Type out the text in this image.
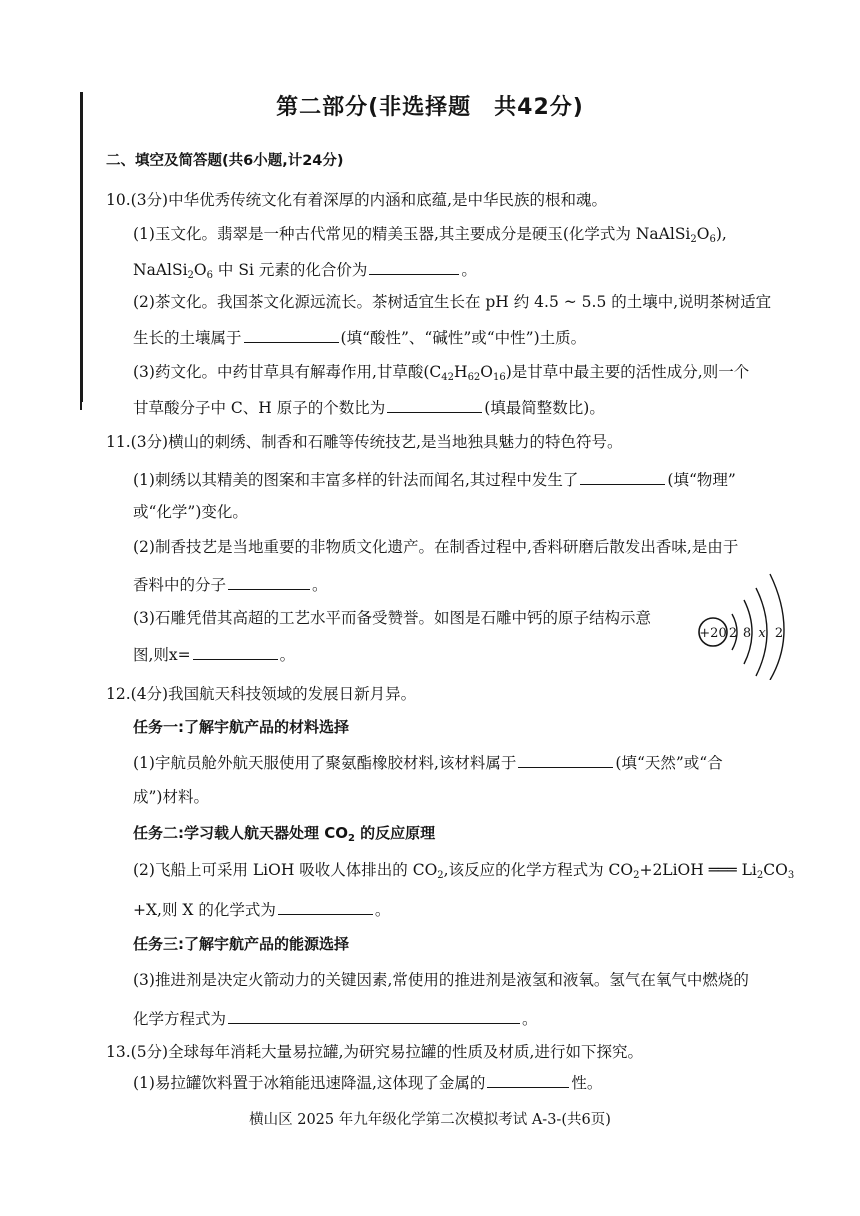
第二部分(非选择题　共42分)
二、填空及简答题(共6小题,计24分)
10.(3分)中华优秀传统文化有着深厚的内涵和底蕴,是中华民族的根和魂。
(1)玉文化。翡翠是一种古代常见的精美玉器,其主要成分是硬玉(化学式为 $NaAlSi_2O_6$),
$NaAlSi_2O_6$ 中 Si 元素的化合价为	。
(2)茶文化。我国茶文化源远流长。茶树适宜生长在 pH 约 4.5 ~ 5.5 的土壤中,说明茶树适宜
生长的土壤属于	(填“酸性”、“碱性”或“中性”)土质。
(3)药文化。中药甘草具有解毒作用,甘草酸$(C_{42}H_{62}O_{16})$是甘草中最主要的活性成分,则一个
甘草酸分子中 C、H 原子的个数比为	(填最简整数比)。
11.(3分)横山的刺绣、制香和石雕等传统技艺,是当地独具魅力的特色符号。
(1)刺绣以其精美的图案和丰富多样的针法而闻名,其过程中发生了	(填“物理”
或“化学”)变化。
(2)制香技艺是当地重要的非物质文化遗产。在制香过程中,香料研磨后散发出香味,是由于
香料中的分子	。
(3)石雕凭借其高超的工艺水平而备受赞誉。如图是石雕中钙的原子结构示意
图,则x=	。
+20 2 8 x 2
12.(4分)我国航天科技领域的发展日新月异。
任务一:了解宇航产品的材料选择
(1)宇航员舱外航天服使用了聚氨酯橡胶材料,该材料属于	(填“天然”或“合
成”)材料。
任务二:学习载人航天器处理 $CO_2$ 的反应原理
(2)飞船上可采用 LiOH 吸收人体排出的 $CO_2$,该反应的化学方程式为 $CO_2+2LiOH$ ═══ $Li_2CO_3$
+X,则 X 的化学式为	。
任务三:了解宇航产品的能源选择
(3)推进剂是决定火箭动力的关键因素,常使用的推进剂是液氢和液氧。氢气在氧气中燃烧的
化学方程式为	。
13.(5分)全球每年消耗大量易拉罐,为研究易拉罐的性质及材质,进行如下探究。
(1)易拉罐饮料置于冰箱能迅速降温,这体现了金属的	性。
横山区 2025 年九年级化学第二次模拟考试 A-3-(共6页)
